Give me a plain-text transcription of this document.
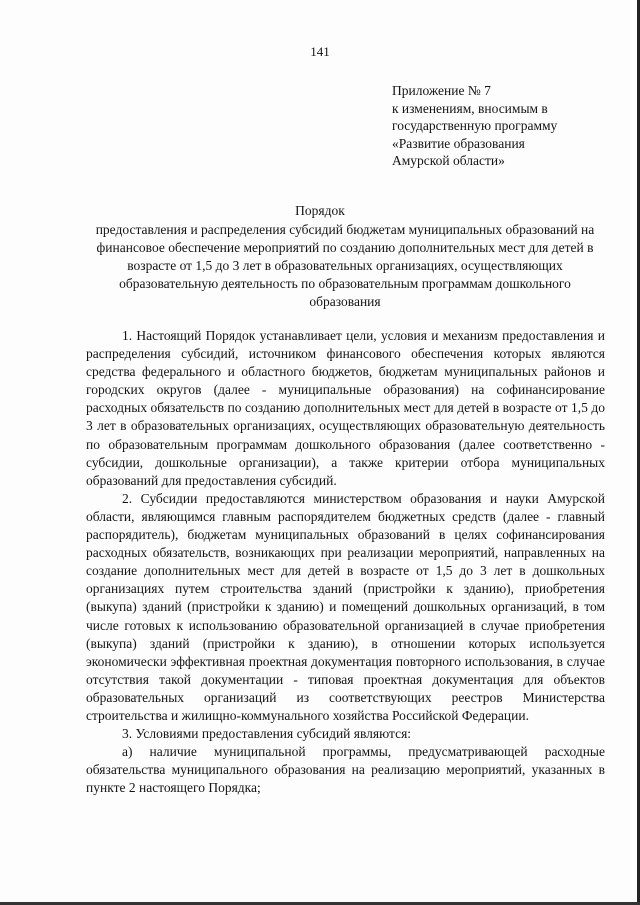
141
Приложение № 7
к изменениям, вносимым в
государственную программу
«Развитие образования
Амурской области»
Порядок
предоставления и распределения субсидий бюджетам муниципальных образований на финансовое обеспечение мероприятий по созданию дополнительных мест для детей в возрасте от 1,5 до 3 лет в образовательных организациях, осуществляющих образовательную деятельность по образовательным программам дошкольного образования

1. Настоящий Порядок устанавливает цели, условия и механизм предоставления и распределения субсидий, источником финансового обеспечения которых являются средства федерального и областного бюджетов, бюджетам муниципальных районов и городских округов (далее - муниципальные образования) на софинансирование расходных обязательств по созданию дополнительных мест для детей в возрасте от 1,5 до 3 лет в образовательных организациях, осуществляющих образовательную деятельность по образовательным программам дошкольного образования (далее соответственно - субсидии, дошкольные организации), а также критерии отбора муниципальных образований для предоставления субсидий.

2. Субсидии предоставляются министерством образования и науки Амурской области, являющимся главным распорядителем бюджетных средств (далее - главный распорядитель), бюджетам муниципальных образований в целях софинансирования расходных обязательств, возникающих при реализации мероприятий, направленных на создание дополнительных мест для детей в возрасте от 1,5 до 3 лет в дошкольных организациях путем строительства зданий (пристройки к зданию), приобретения (выкупа) зданий (пристройки к зданию) и помещений дошкольных организаций, в том числе готовых к использованию образовательной организацией в случае приобретения (выкупа) зданий (пристройки к зданию), в отношении которых используется экономически эффективная проектная документация повторного использования, в случае отсутствия такой документации - типовая проектная документация для объектов образовательных организаций из соответствующих реестров Министерства строительства и жилищно-коммунального хозяйства Российской Федерации.

3. Условиями предоставления субсидий являются:

а) наличие муниципальной программы, предусматривающей расходные обязательства муниципального образования на реализацию мероприятий, указанных в пункте 2 настоящего Порядка;
